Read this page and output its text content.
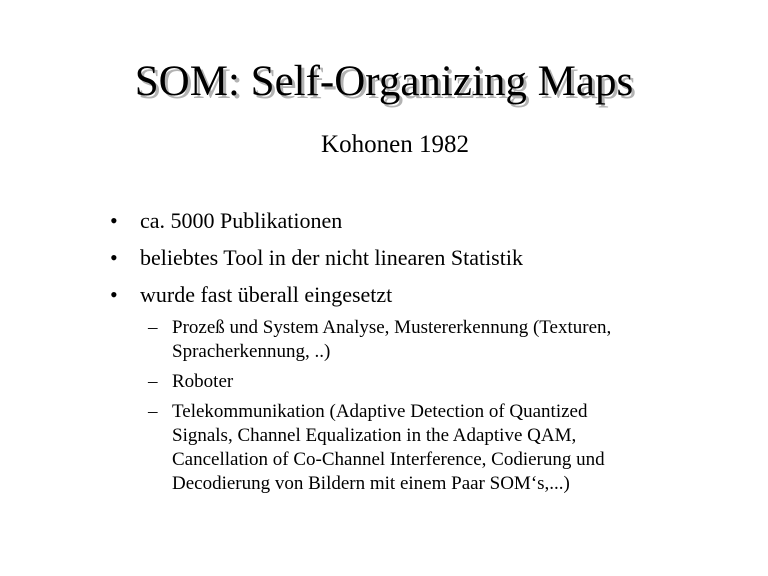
SOM: Self-Organizing Maps
Kohonen 1982
•	ca. 5000 Publikationen
•	beliebtes Tool in der nicht linearen Statistik
•	wurde fast überall eingesetzt
– Prozeß und System Analyse, Mustererkennung (Texturen,
Spracherkennung, ..)
– Roboter
– Telekommunikation (Adaptive Detection of Quantized
Signals, Channel Equalization in the Adaptive QAM,
Cancellation of Co-Channel Interference, Codierung und
Decodierung von Bildern mit einem Paar SOM‘s,...)
